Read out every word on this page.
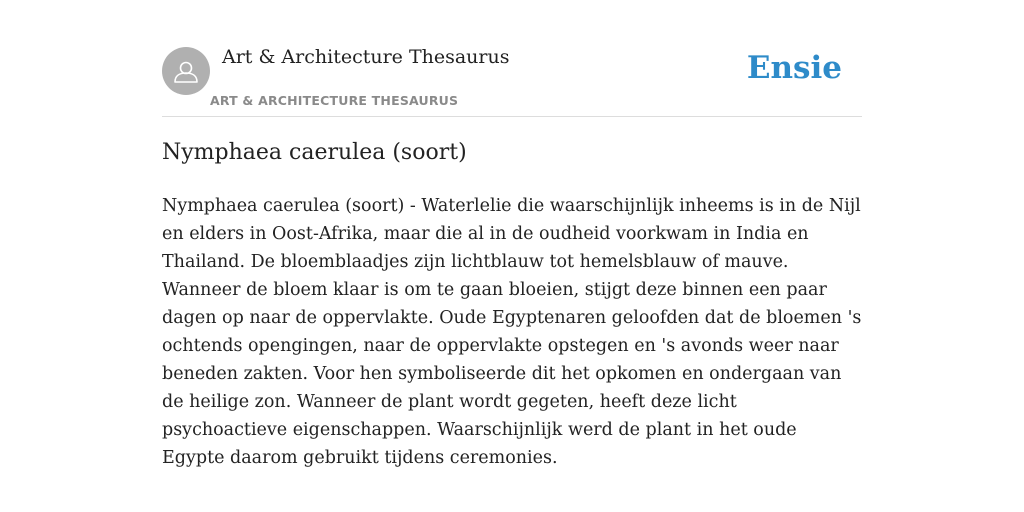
Art & Architecture Thesaurus
ART & ARCHITECTURE THESAURUS
Ensie
Nymphaea caerulea (soort)

Nymphaea caerulea (soort) - Waterlelie die waarschijnlijk inheems is in de Nijl en elders in Oost-Afrika, maar die al in de oudheid voorkwam in India en Thailand. De bloemblaadjes zijn lichtblauw tot hemelsblauw of mauve. Wanneer de bloem klaar is om te gaan bloeien, stijgt deze binnen een paar dagen op naar de oppervlakte. Oude Egyptenaren geloofden dat de bloemen 's ochtends opengingen, naar de oppervlakte opstegen en 's avonds weer naar beneden zakten. Voor hen symboliseerde dit het opkomen en ondergaan van de heilige zon. Wanneer de plant wordt gegeten, heeft deze licht psychoactieve eigenschappen. Waarschijnlijk werd de plant in het oude Egypte daarom gebruikt tijdens ceremonies.
